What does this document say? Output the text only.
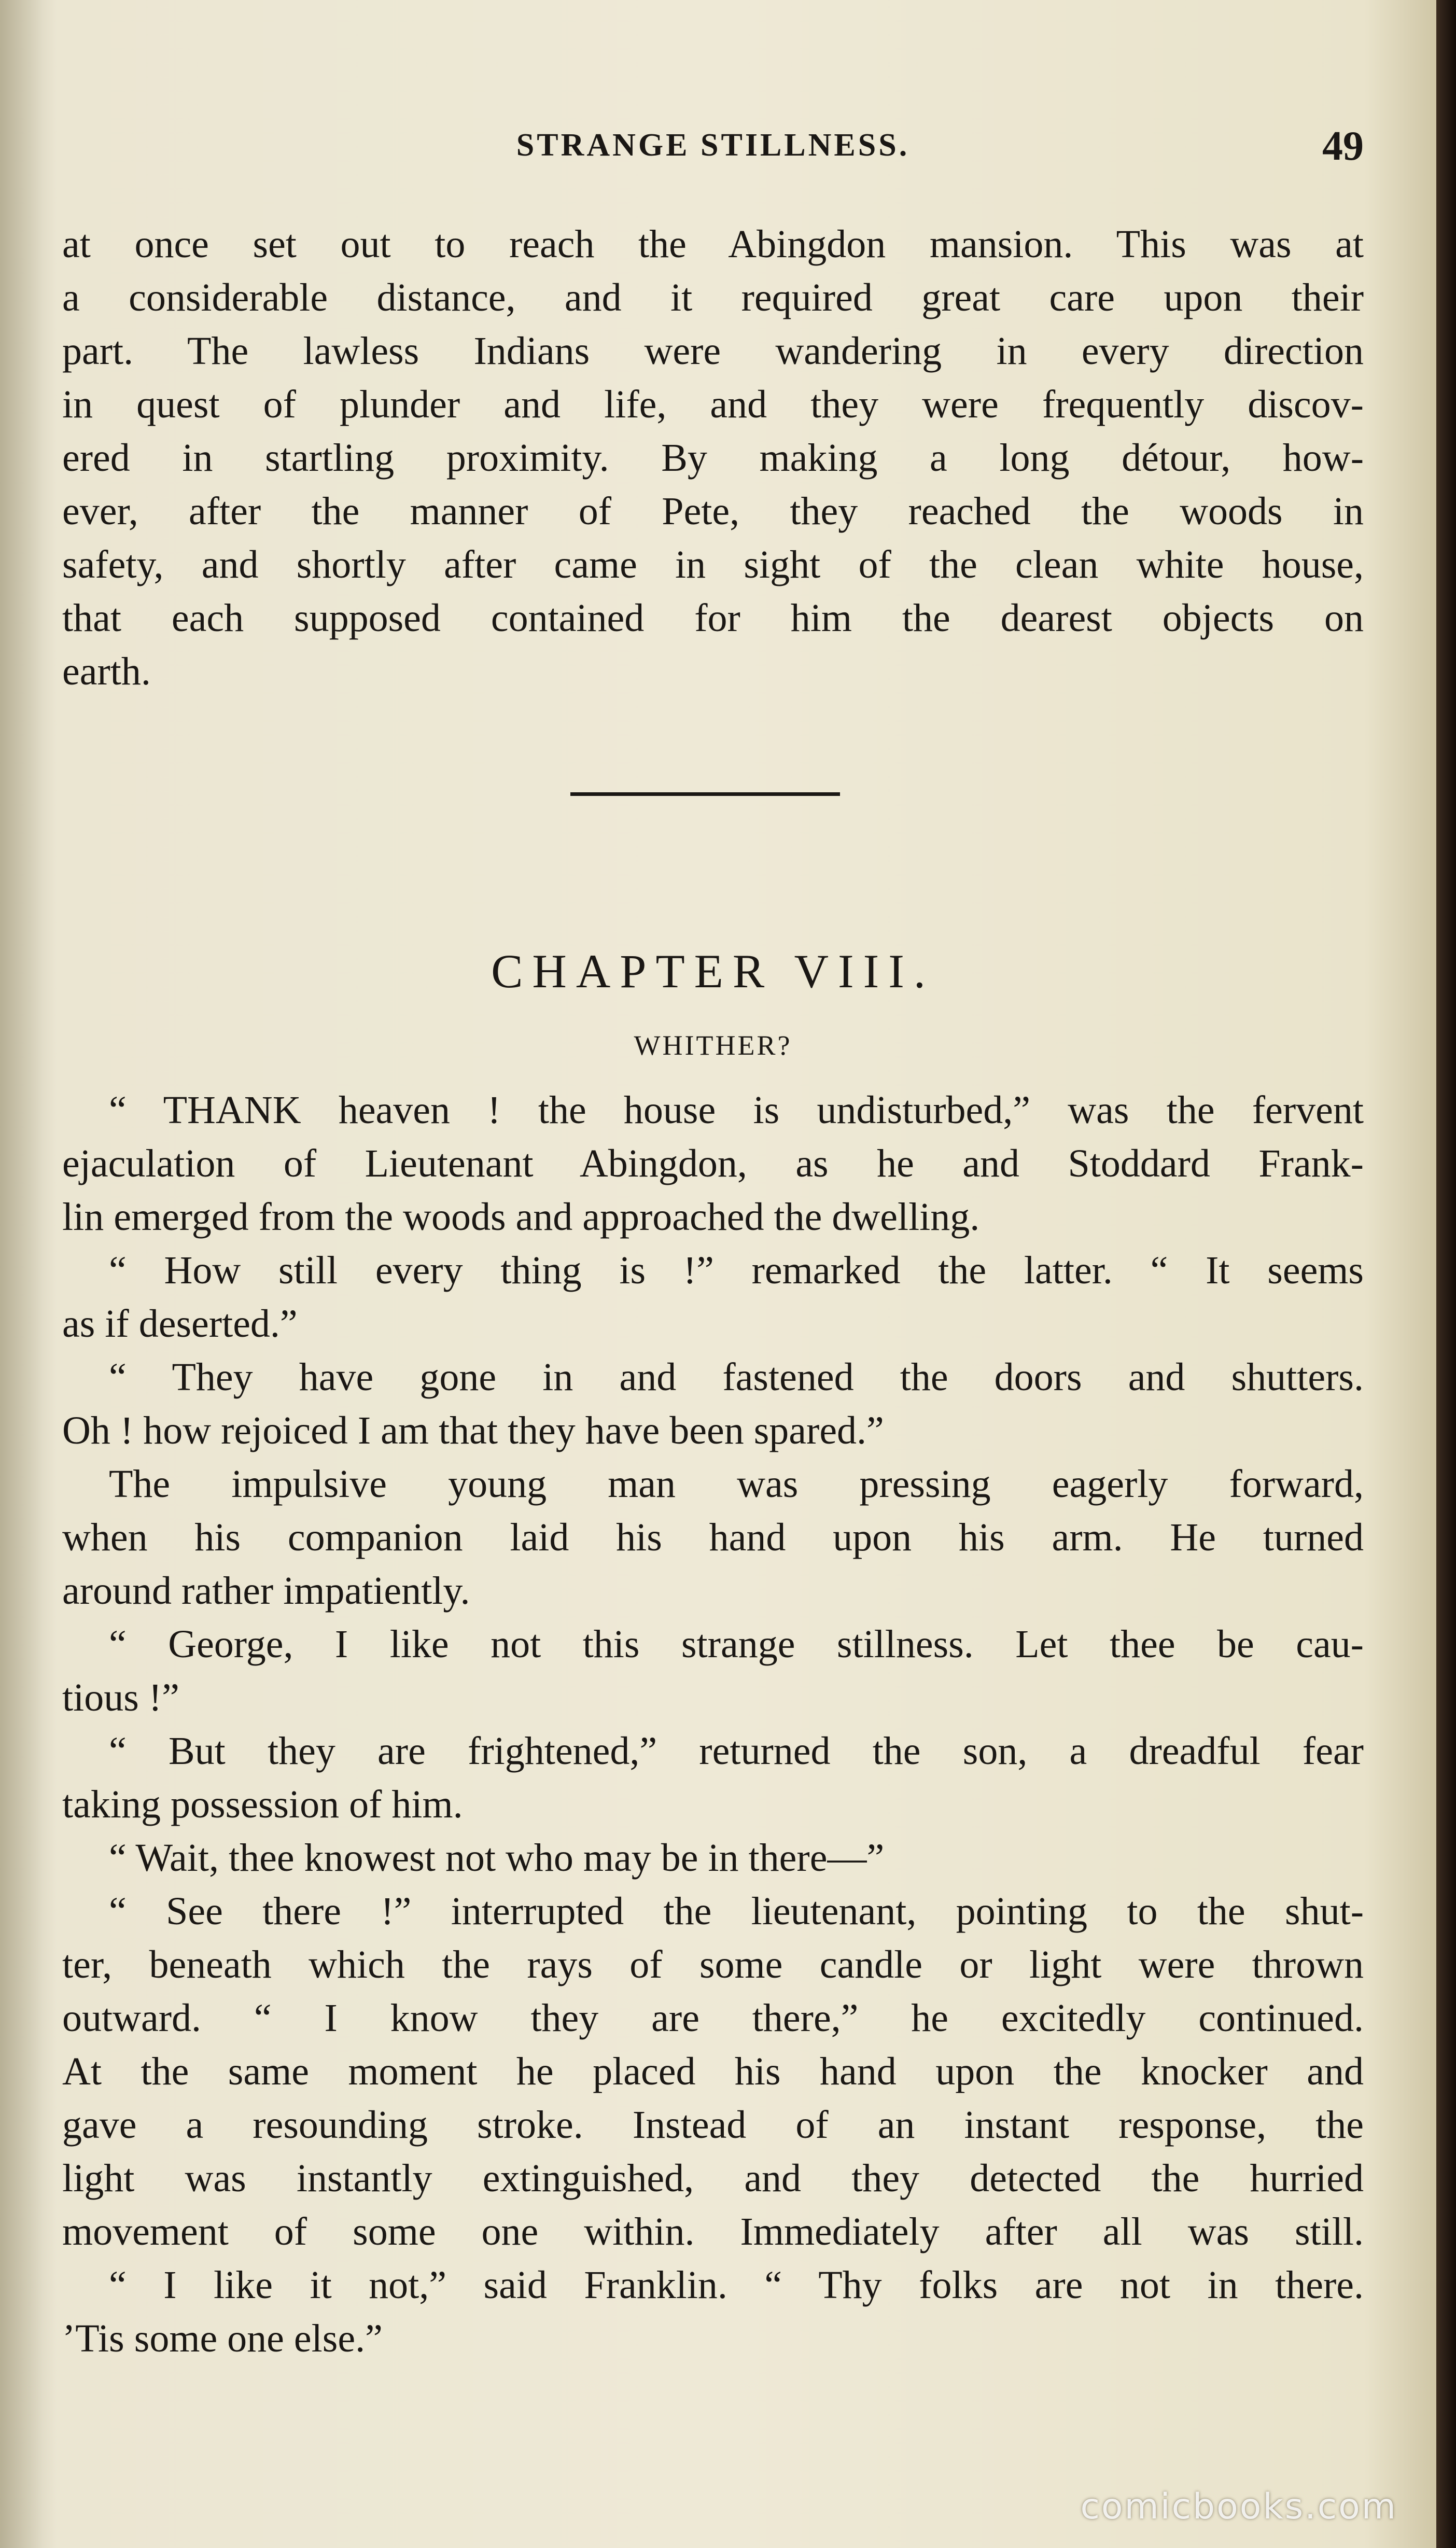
STRANGE STILLNESS.	49
at once set out to reach the Abingdon mansion. This was at
a considerable distance, and it required great care upon their
part. The lawless Indians were wandering in every direction
in quest of plunder and life, and they were frequently discov-
ered in startling proximity. By making a long détour, how-
ever, after the manner of Pete, they reached the woods in
safety, and shortly after came in sight of the clean white house,
that each supposed contained for him the dearest objects on
earth.
CHAPTER VIII.
WHITHER?
“ THANK heaven ! the house is undisturbed,” was the fervent
ejaculation of Lieutenant Abingdon, as he and Stoddard Frank-
lin emerged from the woods and approached the dwelling.
“ How still every thing is !” remarked the latter. “ It seems
as if deserted.”
“ They have gone in and fastened the doors and shutters.
Oh ! how rejoiced I am that they have been spared.”
The impulsive young man was pressing eagerly forward,
when his companion laid his hand upon his arm. He turned
around rather impatiently.
“ George, I like not this strange stillness. Let thee be cau-
tious !”
“ But they are frightened,” returned the son, a dreadful fear
taking possession of him.
“ Wait, thee knowest not who may be in there—”
“ See there !” interrupted the lieutenant, pointing to the shut-
ter, beneath which the rays of some candle or light were thrown
outward. “ I know they are there,” he excitedly continued.
At the same moment he placed his hand upon the knocker and
gave a resounding stroke. Instead of an instant response, the
light was instantly extinguished, and they detected the hurried
movement of some one within. Immediately after all was still.
“ I like it not,” said Franklin. “ Thy folks are not in there.
’Tis some one else.”
comicbooks.com
